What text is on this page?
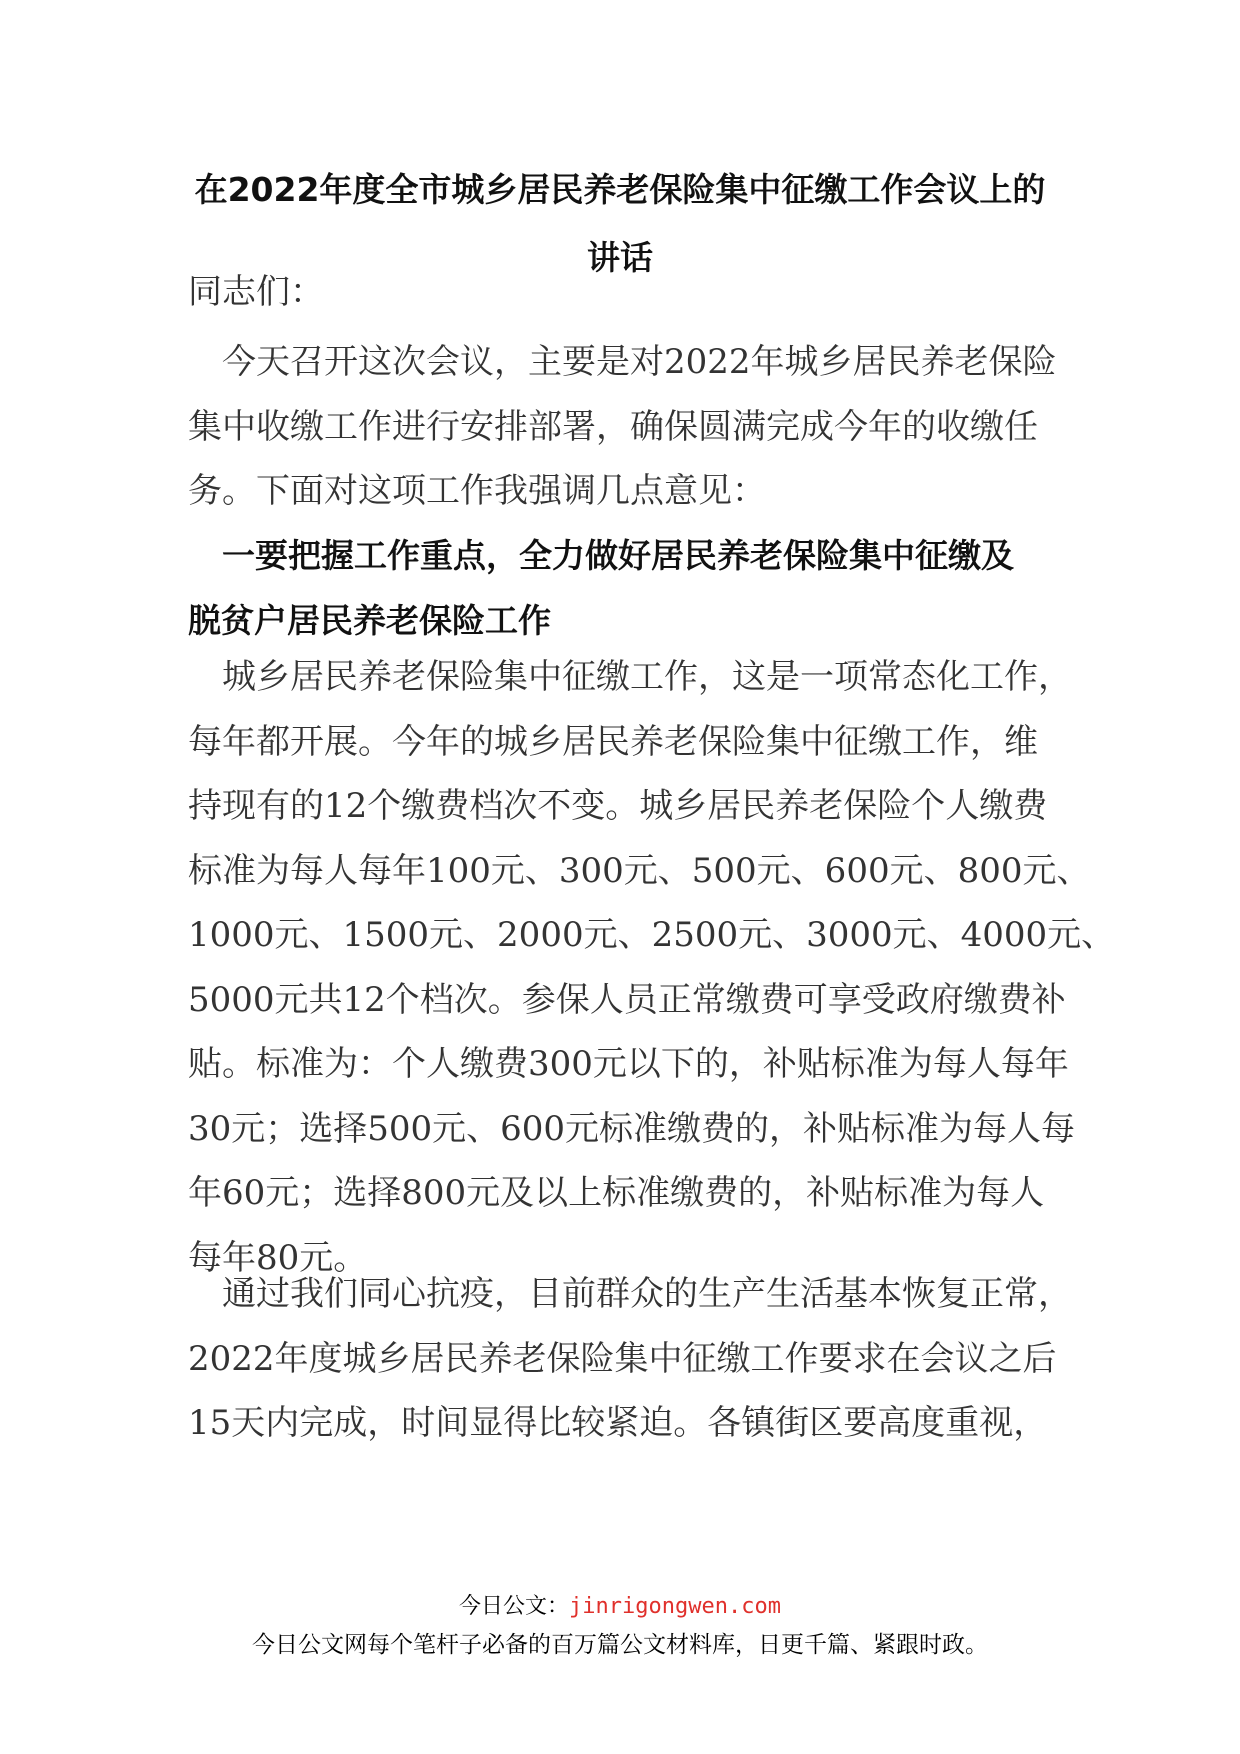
在2022年度全市城乡居民养老保险集中征缴工作会议上的
讲话
同志们：
今天召开这次会议，主要是对2022年城乡居民养老保险
集中收缴工作进行安排部署，确保圆满完成今年的收缴任
务。下面对这项工作我强调几点意见：
一要把握工作重点，全力做好居民养老保险集中征缴及
脱贫户居民养老保险工作
城乡居民养老保险集中征缴工作，这是一项常态化工作，
每年都开展。今年的城乡居民养老保险集中征缴工作，维
持现有的12个缴费档次不变。城乡居民养老保险个人缴费
标准为每人每年100元、300元、500元、600元、800元、
1000元、1500元、2000元、2500元、3000元、4000元、
5000元共12个档次。参保人员正常缴费可享受政府缴费补
贴。标准为：个人缴费300元以下的，补贴标准为每人每年
30元；选择500元、600元标准缴费的，补贴标准为每人每
年60元；选择800元及以上标准缴费的，补贴标准为每人
每年80元。
通过我们同心抗疫，目前群众的生产生活基本恢复正常，
2022年度城乡居民养老保险集中征缴工作要求在会议之后
15天内完成，时间显得比较紧迫。各镇街区要高度重视，
今日公文：jinrigongwen.com
今日公文网每个笔杆子必备的百万篇公文材料库，日更千篇、紧跟时政。
